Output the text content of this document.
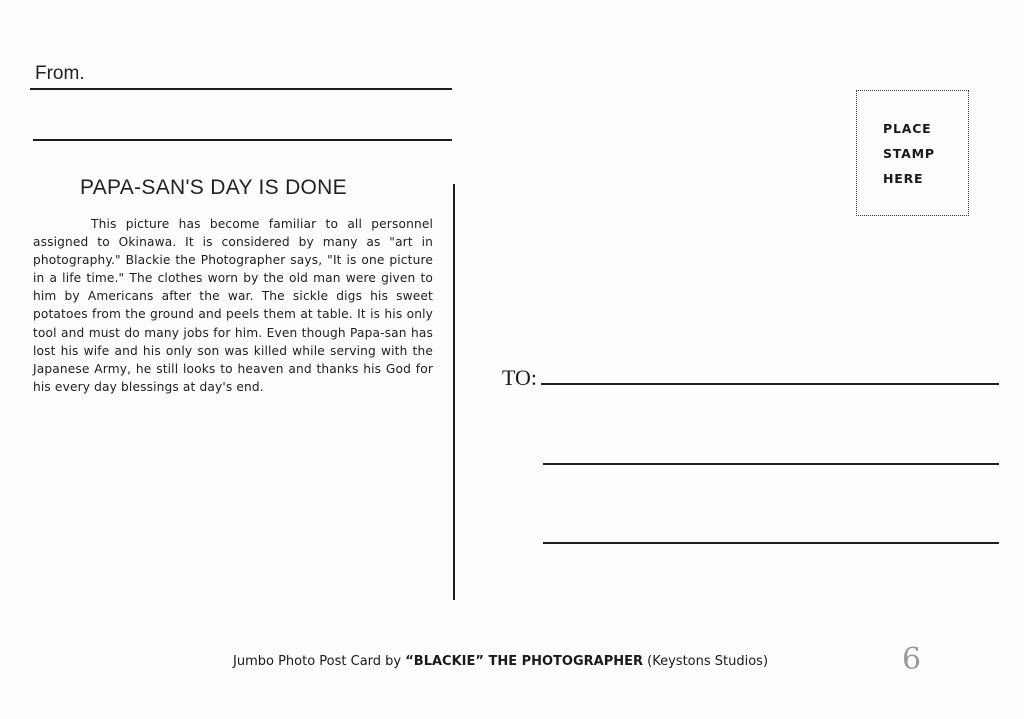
From.
PAPA-SAN'S DAY IS DONE
This picture has become familiar to all personnel assigned to Okinawa. It is considered by many as "art in photography." Blackie the Photographer says, "It is one picture in a life time." The clothes worn by the old man were given to him by Americans after the war. The sickle digs his sweet potatoes from the ground and peels them at table. It is his only tool and must do many jobs for him. Even though Papa-san has lost his wife and his only son was killed while serving with the Japanese Army, he still looks to heaven and thanks his God for his every day blessings at day's end.
PLACE
STAMP
HERE
TO:
Jumbo Photo Post Card by “BLACKIE” THE PHOTOGRAPHER (Keystons Studios)	6
